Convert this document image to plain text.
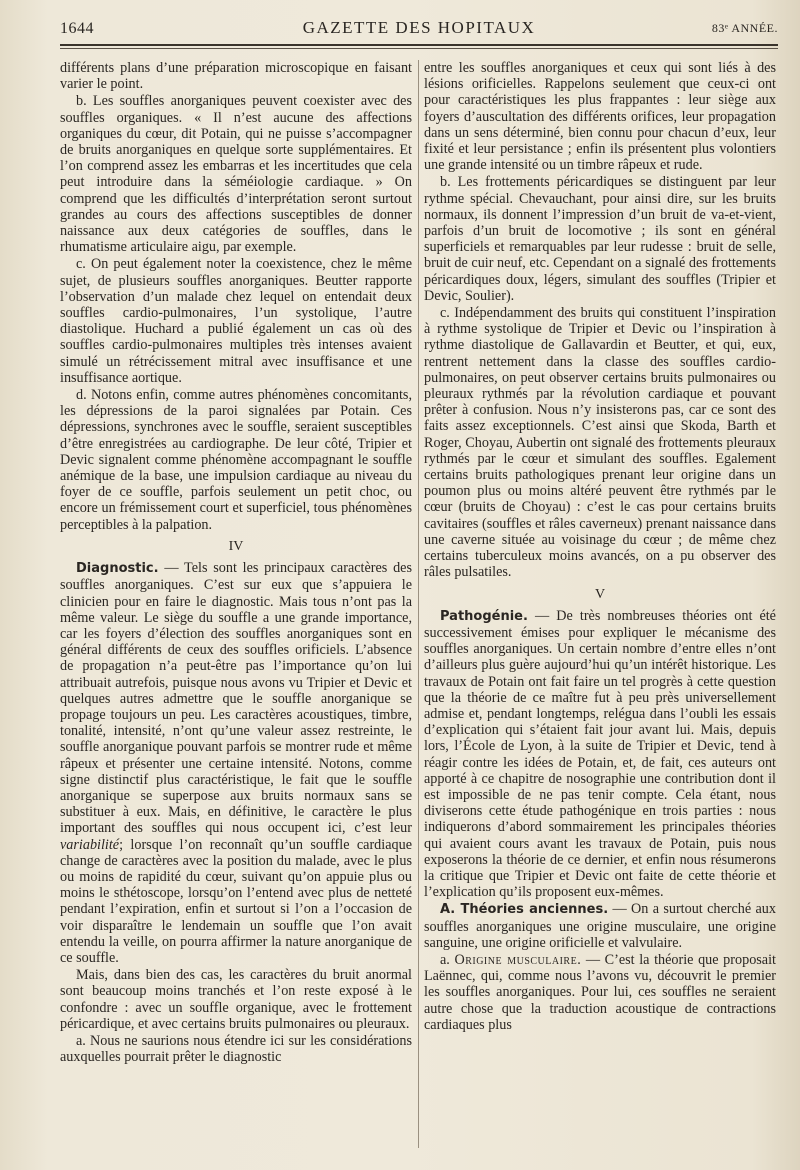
1644	GAZETTE DES HOPITAUX	83ᵉ ANNÉE.

différents plans d’une préparation microscopique en faisant varier le point.

b. Les souffles anorganiques peuvent coexister avec des souffles organiques. « Il n’est aucune des affections organiques du cœur, dit Potain, qui ne puisse s’accompagner de bruits anorganiques en quelque sorte supplémentaires. Et l’on comprend assez les embarras et les incertitudes que cela peut introduire dans la séméiologie cardiaque. » On comprend que les difficultés d’interprétation seront surtout grandes au cours des affections susceptibles de donner naissance aux deux catégories de souffles, dans le rhumatisme articulaire aigu, par exemple.

c. On peut également noter la coexistence, chez le même sujet, de plusieurs souffles anorganiques. Beutter rapporte l’observation d’un malade chez lequel on entendait deux souffles cardio-pulmonaires, l’un systolique, l’autre diastolique. Huchard a publié également un cas où des souffles cardio-pulmonaires multiples très intenses avaient simulé un rétrécissement mitral avec insuffisance et une insuffisance aortique.

d. Notons enfin, comme autres phénomènes concomitants, les dépressions de la paroi signalées par Potain. Ces dépressions, synchrones avec le souffle, seraient susceptibles d’être enregistrées au cardiographe. De leur côté, Tripier et Devic signalent comme phénomène accompagnant le souffle anémique de la base, une impulsion cardiaque au niveau du foyer de ce souffle, parfois seulement un petit choc, ou encore un frémissement court et superficiel, tous phénomènes perceptibles à la palpation.

IV

Diagnostic. — Tels sont les principaux caractères des souffles anorganiques. C’est sur eux que s’appuiera le clinicien pour en faire le diagnostic. Mais tous n’ont pas la même valeur. Le siège du souffle a une grande importance, car les foyers d’élection des souffles anorganiques sont en général différents de ceux des souffles orificiels. L’absence de propagation n’a peut-être pas l’importance qu’on lui attribuait autrefois, puisque nous avons vu Tripier et Devic et quelques autres admettre que le souffle anorganique se propage toujours un peu. Les caractères acoustiques, timbre, tonalité, intensité, n’ont qu’une valeur assez restreinte, le souffle anorganique pouvant parfois se montrer rude et même râpeux et présenter une certaine intensité. Notons, comme signe distinctif plus caractéristique, le fait que le souffle anorganique se superpose aux bruits normaux sans se substituer à eux. Mais, en définitive, le caractère le plus important des souffles qui nous occupent ici, c’est leur variabilité; lorsque l’on reconnaît qu’un souffle cardiaque change de caractères avec la position du malade, avec le plus ou moins de rapidité du cœur, suivant qu’on appuie plus ou moins le sthétoscope, lorsqu’on l’entend avec plus de netteté pendant l’expiration, enfin et surtout si l’on a l’occasion de voir disparaître le lendemain un souffle que l’on avait entendu la veille, on pourra affirmer la nature anorganique de ce souffle.

Mais, dans bien des cas, les caractères du bruit anormal sont beaucoup moins tranchés et l’on reste exposé à le confondre : avec un souffle organique, avec le frottement péricardique, et avec certains bruits pulmonaires ou pleuraux.

a. Nous ne saurions nous étendre ici sur les considérations auxquelles pourrait prêter le diagnostic

entre les souffles anorganiques et ceux qui sont liés à des lésions orificielles. Rappelons seulement que ceux-ci ont pour caractéristiques les plus frappantes : leur siège aux foyers d’auscultation des différents orifices, leur propagation dans un sens déterminé, bien connu pour chacun d’eux, leur fixité et leur persistance ; enfin ils présentent plus volontiers une grande intensité ou un timbre râpeux et rude.

b. Les frottements péricardiques se distinguent par leur rythme spécial. Chevauchant, pour ainsi dire, sur les bruits normaux, ils donnent l’impression d’un bruit de va-et-vient, parfois d’un bruit de locomotive ; ils sont en général superficiels et remarquables par leur rudesse : bruit de selle, bruit de cuir neuf, etc. Cependant on a signalé des frottements péricardiques doux, légers, simulant des souffles (Tripier et Devic, Soulier).

c. Indépendamment des bruits qui constituent l’inspiration à rythme systolique de Tripier et Devic ou l’inspiration à rythme diastolique de Gallavardin et Beutter, et qui, eux, rentrent nettement dans la classe des souffles cardio-pulmonaires, on peut observer certains bruits pulmonaires ou pleuraux rythmés par la révolution cardiaque et pouvant prêter à confusion. Nous n’y insisterons pas, car ce sont des faits assez exceptionnels. C’est ainsi que Skoda, Barth et Roger, Choyau, Aubertin ont signalé des frottements pleuraux rythmés par le cœur et simulant des souffles. Egalement certains bruits pathologiques prenant leur origine dans un poumon plus ou moins altéré peuvent être rythmés par le cœur (bruits de Choyau) : c’est le cas pour certains bruits cavitaires (souffles et râles caverneux) prenant naissance dans une caverne située au voisinage du cœur ; de même chez certains tuberculeux moins avancés, on a pu observer des râles pulsatiles.

V

Pathogénie. — De très nombreuses théories ont été successivement émises pour expliquer le mécanisme des souffles anorganiques. Un certain nombre d’entre elles n’ont d’ailleurs plus guère aujourd’hui qu’un intérêt historique. Les travaux de Potain ont fait faire un tel progrès à cette question que la théorie de ce maître fut à peu près universellement admise et, pendant longtemps, relégua dans l’oubli les essais d’explication qui s’étaient fait jour avant lui. Mais, depuis lors, l’École de Lyon, à la suite de Tripier et Devic, tend à réagir contre les idées de Potain, et, de fait, ces auteurs ont apporté à ce chapitre de nosographie une contribution dont il est impossible de ne pas tenir compte. Cela étant, nous diviserons cette étude pathogénique en trois parties : nous indiquerons d’abord sommairement les principales théories qui avaient cours avant les travaux de Potain, puis nous exposerons la théorie de ce dernier, et enfin nous résumerons la critique que Tripier et Devic ont faite de cette théorie et l’explication qu’ils proposent eux-mêmes.

A. Théories anciennes. — On a surtout cherché aux souffles anorganiques une origine musculaire, une origine sanguine, une origine orificielle et valvulaire.

a. Origine musculaire. — C’est la théorie que proposait Laënnec, qui, comme nous l’avons vu, découvrit le premier les souffles anorganiques. Pour lui, ces souffles ne seraient autre chose que la traduction acoustique de contractions cardiaques plus
